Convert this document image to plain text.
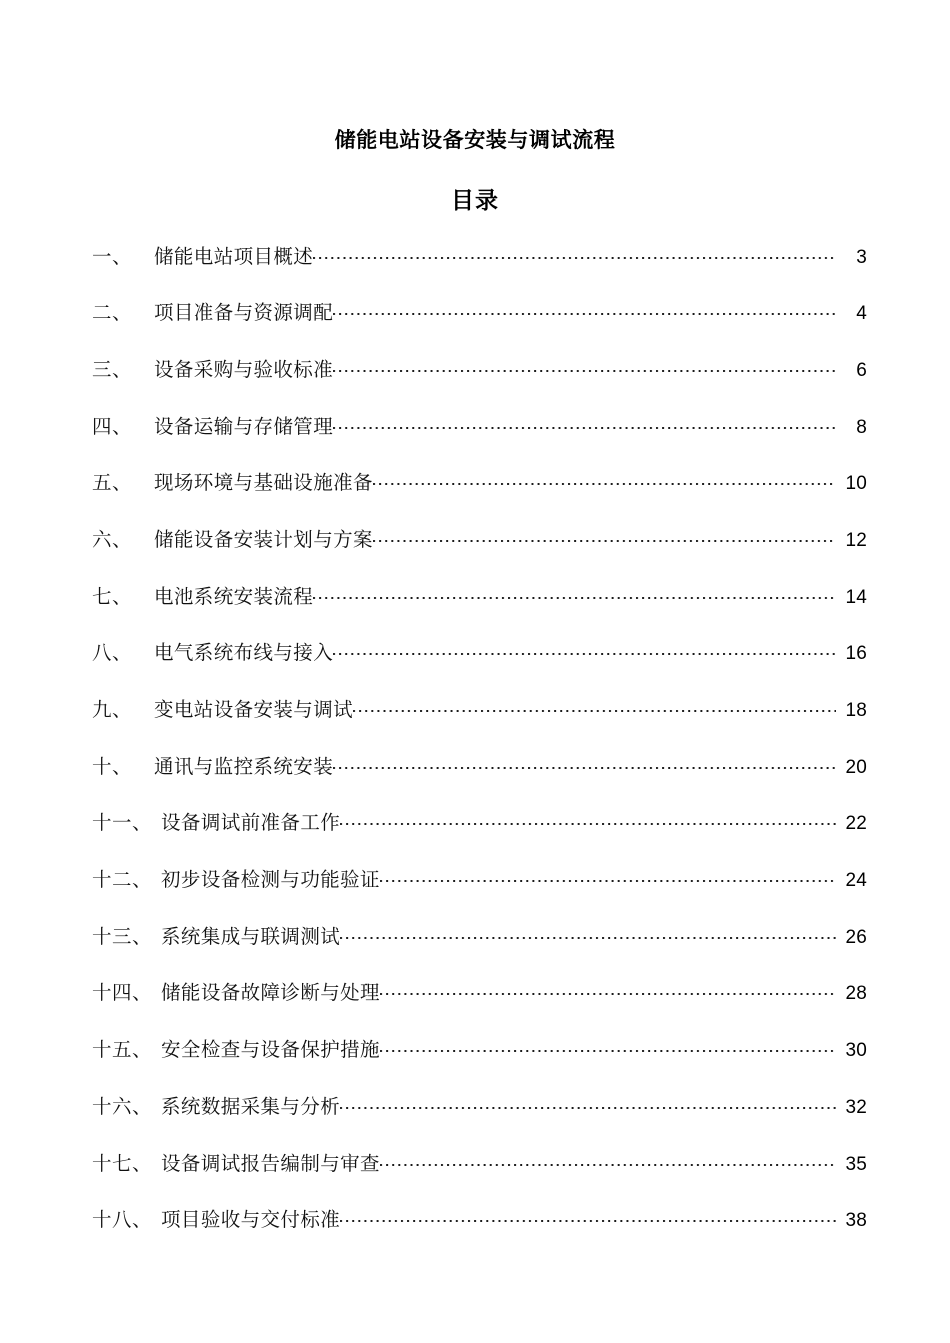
储能电站设备安装与调试流程
目录
一、	储能电站项目概述	3
二、	项目准备与资源调配	4
三、	设备采购与验收标准	6
四、	设备运输与存储管理	8
五、	现场环境与基础设施准备	10
六、	储能设备安装计划与方案	12
七、	电池系统安装流程	14
八、	电气系统布线与接入	16
九、	变电站设备安装与调试	18
十、	通讯与监控系统安装	20
十一、 设备调试前准备工作	22
十二、 初步设备检测与功能验证	24
十三、 系统集成与联调测试	26
十四、 储能设备故障诊断与处理	28
十五、 安全检查与设备保护措施	30
十六、 系统数据采集与分析	32
十七、 设备调试报告编制与审查	35
十八、 项目验收与交付标准	38
